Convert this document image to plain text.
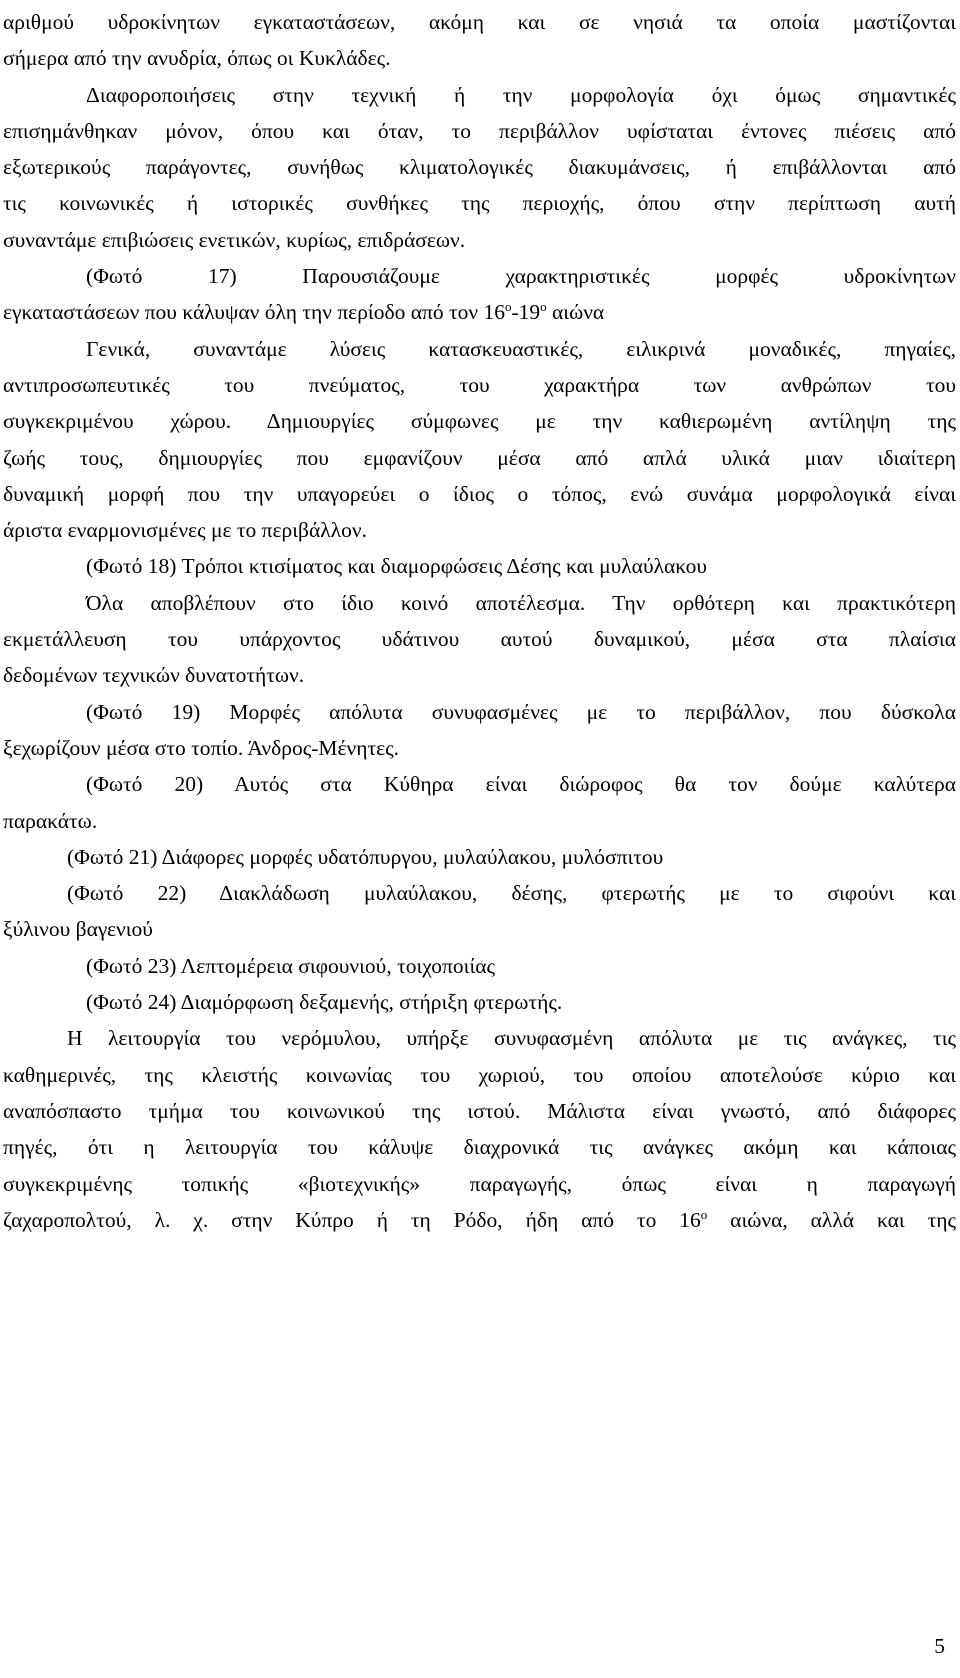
αριθμού υδροκίνητων εγκαταστάσεων, ακόμη και σε νησιά τα οποία μαστίζονται
σήμερα από την ανυδρία, όπως οι Κυκλάδες.
Διαφοροποιήσεις στην τεχνική ή την μορφολογία όχι όμως σημαντικές
επισημάνθηκαν μόνον, όπου και όταν, το περιβάλλον υφίσταται έντονες πιέσεις από
εξωτερικούς παράγοντες, συνήθως κλιματολογικές διακυμάνσεις, ή επιβάλλονται από
τις κοινωνικές ή ιστορικές συνθήκες της περιοχής, όπου στην περίπτωση αυτή
συναντάμε επιβιώσεις ενετικών, κυρίως, επιδράσεων.
(Φωτό 17) Παρουσιάζουμε χαρακτηριστικές μορφές υδροκίνητων
εγκαταστάσεων που κάλυψαν όλη την περίοδο από τον $16^o-19^o$ αιώνα
Γενικά, συναντάμε λύσεις κατασκευαστικές, ειλικρινά μοναδικές, πηγαίες,
αντιπροσωπευτικές του πνεύματος, του χαρακτήρα των ανθρώπων του
συγκεκριμένου χώρου. Δημιουργίες σύμφωνες με την καθιερωμένη αντίληψη της
ζωής τους, δημιουργίες που εμφανίζουν μέσα από απλά υλικά μιαν ιδιαίτερη
δυναμική μορφή που την υπαγορεύει ο ίδιος ο τόπος, ενώ συνάμα μορφολογικά είναι
άριστα εναρμονισμένες με το περιβάλλον.
(Φωτό 18) Τρόποι κτισίματος και διαμορφώσεις Δέσης και μυλαύλακου
Όλα αποβλέπουν στο ίδιο κοινό αποτέλεσμα. Την ορθότερη και πρακτικότερη
εκμετάλλευση του υπάρχοντος υδάτινου αυτού δυναμικού, μέσα στα πλαίσια
δεδομένων τεχνικών δυνατοτήτων.
(Φωτό 19) Μορφές απόλυτα συνυφασμένες με το περιβάλλον, που δύσκολα
ξεχωρίζουν μέσα στο τοπίο. Άνδρος-Μένητες.
(Φωτό 20) Αυτός στα Κύθηρα είναι διώροφος θα τον δούμε καλύτερα
παρακάτω.
(Φωτό 21) Διάφορες μορφές υδατόπυργου, μυλαύλακου, μυλόσπιτου
(Φωτό 22) Διακλάδωση μυλαύλακου, δέσης, φτερωτής με το σιφούνι και
ξύλινου βαγενιού
(Φωτό 23) Λεπτομέρεια σιφουνιού, τοιχοποιίας
(Φωτό 24) Διαμόρφωση δεξαμενής, στήριξη φτερωτής.
Η λειτουργία του νερόμυλου, υπήρξε συνυφασμένη απόλυτα με τις ανάγκες, τις
καθημερινές, της κλειστής κοινωνίας του χωριού, του οποίου αποτελούσε κύριο και
αναπόσπαστο τμήμα του κοινωνικού της ιστού. Μάλιστα είναι γνωστό, από διάφορες
πηγές, ότι η λειτουργία του κάλυψε διαχρονικά τις ανάγκες ακόμη και κάποιας
συγκεκριμένης τοπικής «βιοτεχνικής» παραγωγής, όπως είναι η παραγωγή
ζαχαροπολτού, λ. χ. στην Κύπρο ή τη Ρόδο, ήδη από το $16^o$ αιώνα, αλλά και της
5
